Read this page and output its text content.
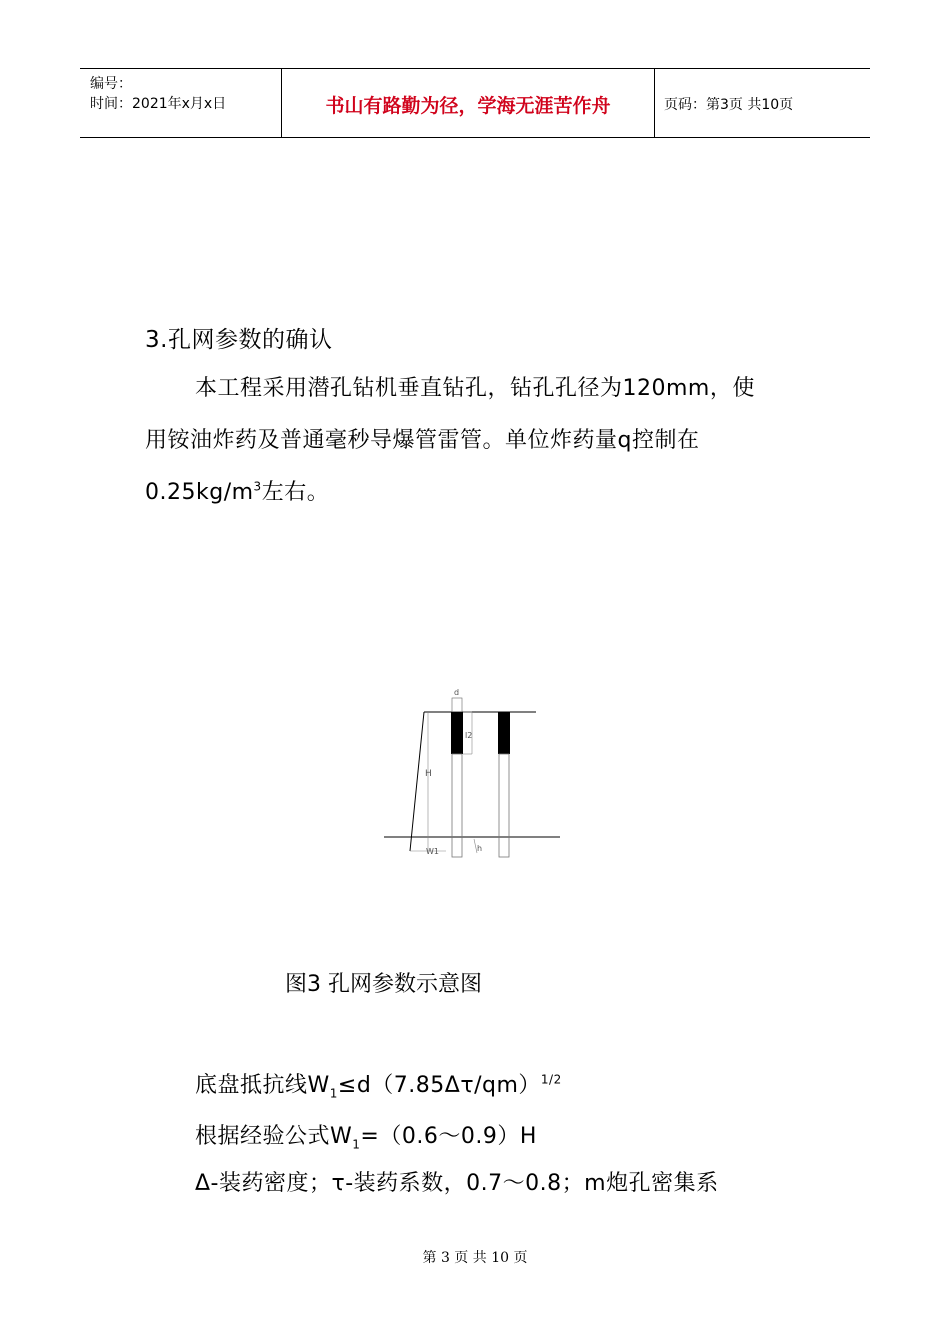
编号：
时间：2021年x月x日	书山有路勤为径，学海无涯苦作舟	页码：第3页 共10页
3.孔网参数的确认
本工程采用潜孔钻机垂直钻孔，钻孔孔径为120mm，使
用铵油炸药及普通毫秒导爆管雷管。单位炸药量q控制在
$0.25kg/m^3$左右。
H
d
l2
W1	h
图3 孔网参数示意图
底盘抵抗线$W_1\le d(7.85\Delta\tau/qm)^{1/2}$
根据经验公式$W_1=(0.6\sim 0.9)H$
Δ-装药密度；τ-装药系数，0.7～0.8；m炮孔密集系
第 3 页 共 10 页
